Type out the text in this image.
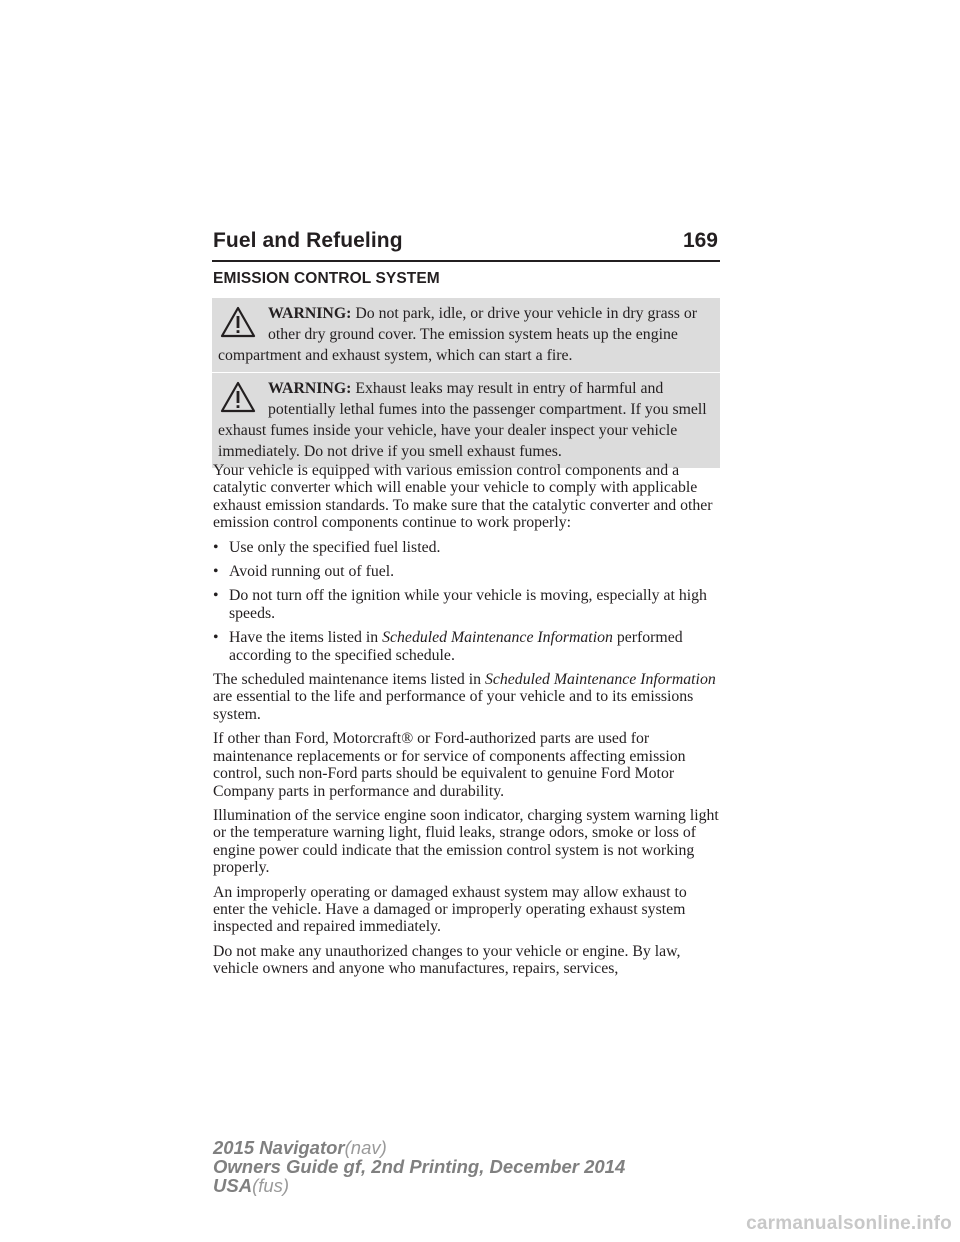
Fuel and Refueling	169
EMISSION CONTROL SYSTEM
WARNING: Do not park, idle, or drive your vehicle in dry grass or other dry ground cover. The emission system heats up the engine compartment and exhaust system, which can start a fire.
WARNING: Exhaust leaks may result in entry of harmful and potentially lethal fumes into the passenger compartment. If you smell exhaust fumes inside your vehicle, have your dealer inspect your vehicle immediately. Do not drive if you smell exhaust fumes.

Your vehicle is equipped with various emission control components and a catalytic converter which will enable your vehicle to comply with applicable exhaust emission standards. To make sure that the catalytic converter and other emission control components continue to work properly:

• Use only the specified fuel listed.
• Avoid running out of fuel.
• Do not turn off the ignition while your vehicle is moving, especially at high speeds.
• Have the items listed in Scheduled Maintenance Information performed according to the specified schedule.

The scheduled maintenance items listed in Scheduled Maintenance Information are essential to the life and performance of your vehicle and to its emissions system.

If other than Ford, Motorcraft® or Ford-authorized parts are used for maintenance replacements or for service of components affecting emission control, such non-Ford parts should be equivalent to genuine Ford Motor Company parts in performance and durability.

Illumination of the service engine soon indicator, charging system warning light or the temperature warning light, fluid leaks, strange odors, smoke or loss of engine power could indicate that the emission control system is not working properly.

An improperly operating or damaged exhaust system may allow exhaust to enter the vehicle. Have a damaged or improperly operating exhaust system inspected and repaired immediately.

Do not make any unauthorized changes to your vehicle or engine. By law, vehicle owners and anyone who manufactures, repairs, services,

2015 Navigator(nav)
Owners Guide gf, 2nd Printing, December 2014
USA(fus)
carmanualsonline.info
